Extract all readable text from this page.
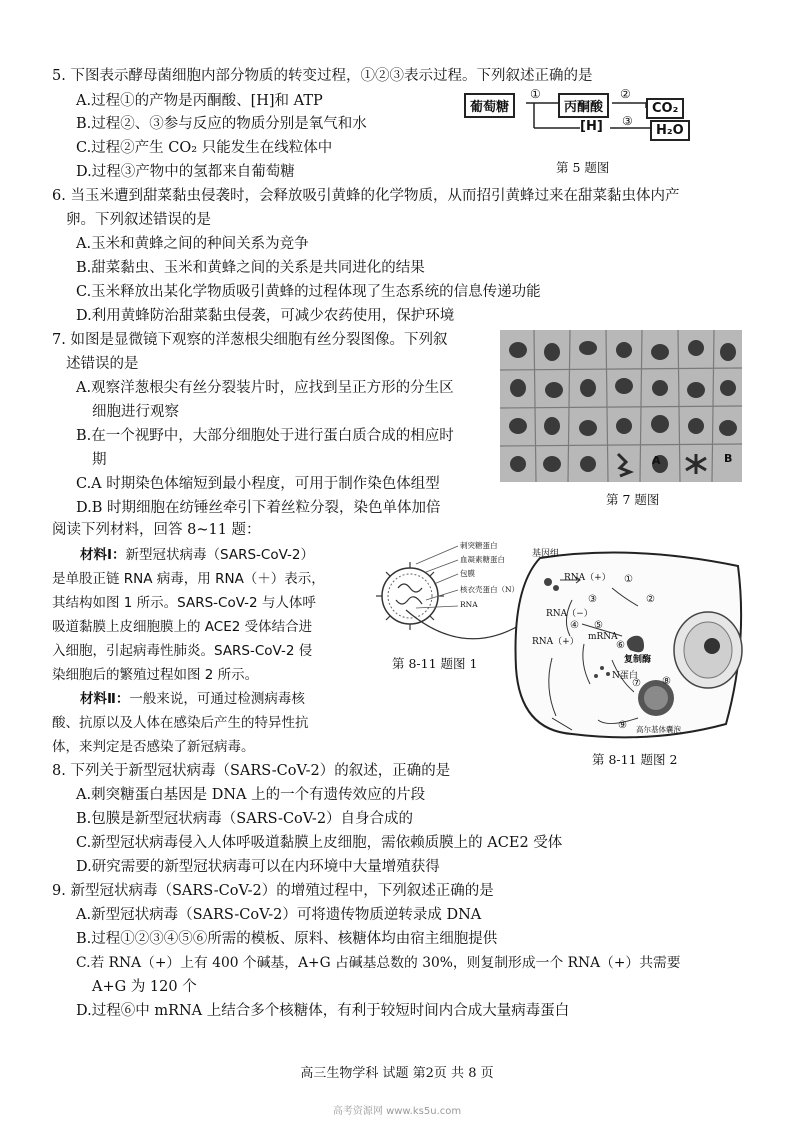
5. 下图表示酵母菌细胞内部分物质的转变过程，①②③表示过程。下列叙述正确的是
A.过程①的产物是丙酮酸、[H]和 ATP
B.过程②、③参与反应的物质分别是氧气和水
C.过程②产生 CO₂ 只能发生在线粒体中
D.过程③产物中的氢都来自葡萄糖
葡萄糖	丙酮酸	CO₂
[H]	H₂O
①	②
③
第 5 题图
6. 当玉米遭到甜菜黏虫侵袭时，会释放吸引黄蜂的化学物质，从而招引黄蜂过来在甜菜黏虫体内产
卵。下列叙述错误的是
A.玉米和黄蜂之间的种间关系为竞争
B.甜菜黏虫、玉米和黄蜂之间的关系是共同进化的结果
C.玉米释放出某化学物质吸引黄蜂的过程体现了生态系统的信息传递功能
D.利用黄蜂防治甜菜黏虫侵袭，可减少农药使用，保护环境
7. 如图是显微镜下观察的洋葱根尖细胞有丝分裂图像。下列叙
述错误的是
A.观察洋葱根尖有丝分裂装片时，应找到呈正方形的分生区
细胞进行观察
B.在一个视野中，大部分细胞处于进行蛋白质合成的相应时
期
C.A 时期染色体缩短到最小程度，可用于制作染色体组型
D.B 时期细胞在纺锤丝牵引下着丝粒分裂，染色单体加倍
A	B
第 7 题图
阅读下列材料，回答 8~11 题：
材料Ⅰ：新型冠状病毒（SARS-CoV-2）
是单股正链 RNA 病毒，用 RNA（＋）表示，
其结构如图 1 所示。SARS-CoV-2 与人体呼
吸道黏膜上皮细胞膜上的 ACE2 受体结合进
入细胞，引起病毒性肺炎。SARS-CoV-2 侵
染细胞后的繁殖过程如图 2 所示。
材料Ⅱ：一般来说，可通过检测病毒核
酸、抗原以及人体在感染后产生的特异性抗
体，来判定是否感染了新冠病毒。
刺突糖蛋白
血凝素糖蛋白
包膜
核衣壳蛋白（N）
RNA
第 8-11 题图 1
基因组
RNA（+）
RNA（−）
RNA（+） mRNA
复制酶
N蛋白
高尔基体囊泡
①
②
③
④ ⑤
⑥
⑦ ⑧
⑨
第 8-11 题图 2
8. 下列关于新型冠状病毒（SARS-CoV-2）的叙述，正确的是
A.刺突糖蛋白基因是 DNA 上的一个有遗传效应的片段
B.包膜是新型冠状病毒（SARS-CoV-2）自身合成的
C.新型冠状病毒侵入人体呼吸道黏膜上皮细胞，需依赖质膜上的 ACE2 受体
D.研究需要的新型冠状病毒可以在内环境中大量增殖获得
9. 新型冠状病毒（SARS-CoV-2）的增殖过程中，下列叙述正确的是
A.新型冠状病毒（SARS-CoV-2）可将遗传物质逆转录成 DNA
B.过程①②③④⑤⑥所需的模板、原料、核糖体均由宿主细胞提供
C.若 RNA（+）上有 400 个碱基，A+G 占碱基总数的 30%，则复制形成一个 RNA（+）共需要
A+G 为 120 个
D.过程⑥中 mRNA 上结合多个核糖体，有利于较短时间内合成大量病毒蛋白
高三生物学科 试题 第2页 共 8 页
高考资源网 www.ks5u.com
